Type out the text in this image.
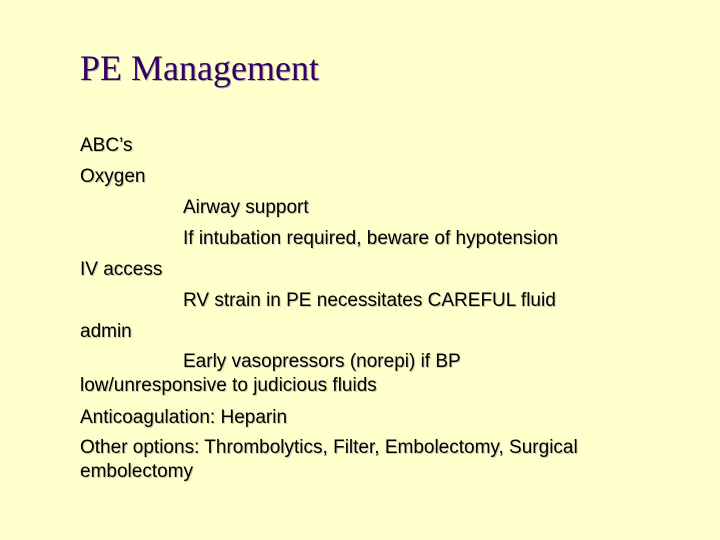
PE Management
ABC’s
Oxygen
Airway support
If intubation required, beware of hypotension
IV access
RV strain in PE necessitates CAREFUL fluid
admin
Early vasopressors (norepi) if BP
low/unresponsive to judicious fluids
Anticoagulation: Heparin
Other options: Thrombolytics, Filter, Embolectomy, Surgical embolectomy
